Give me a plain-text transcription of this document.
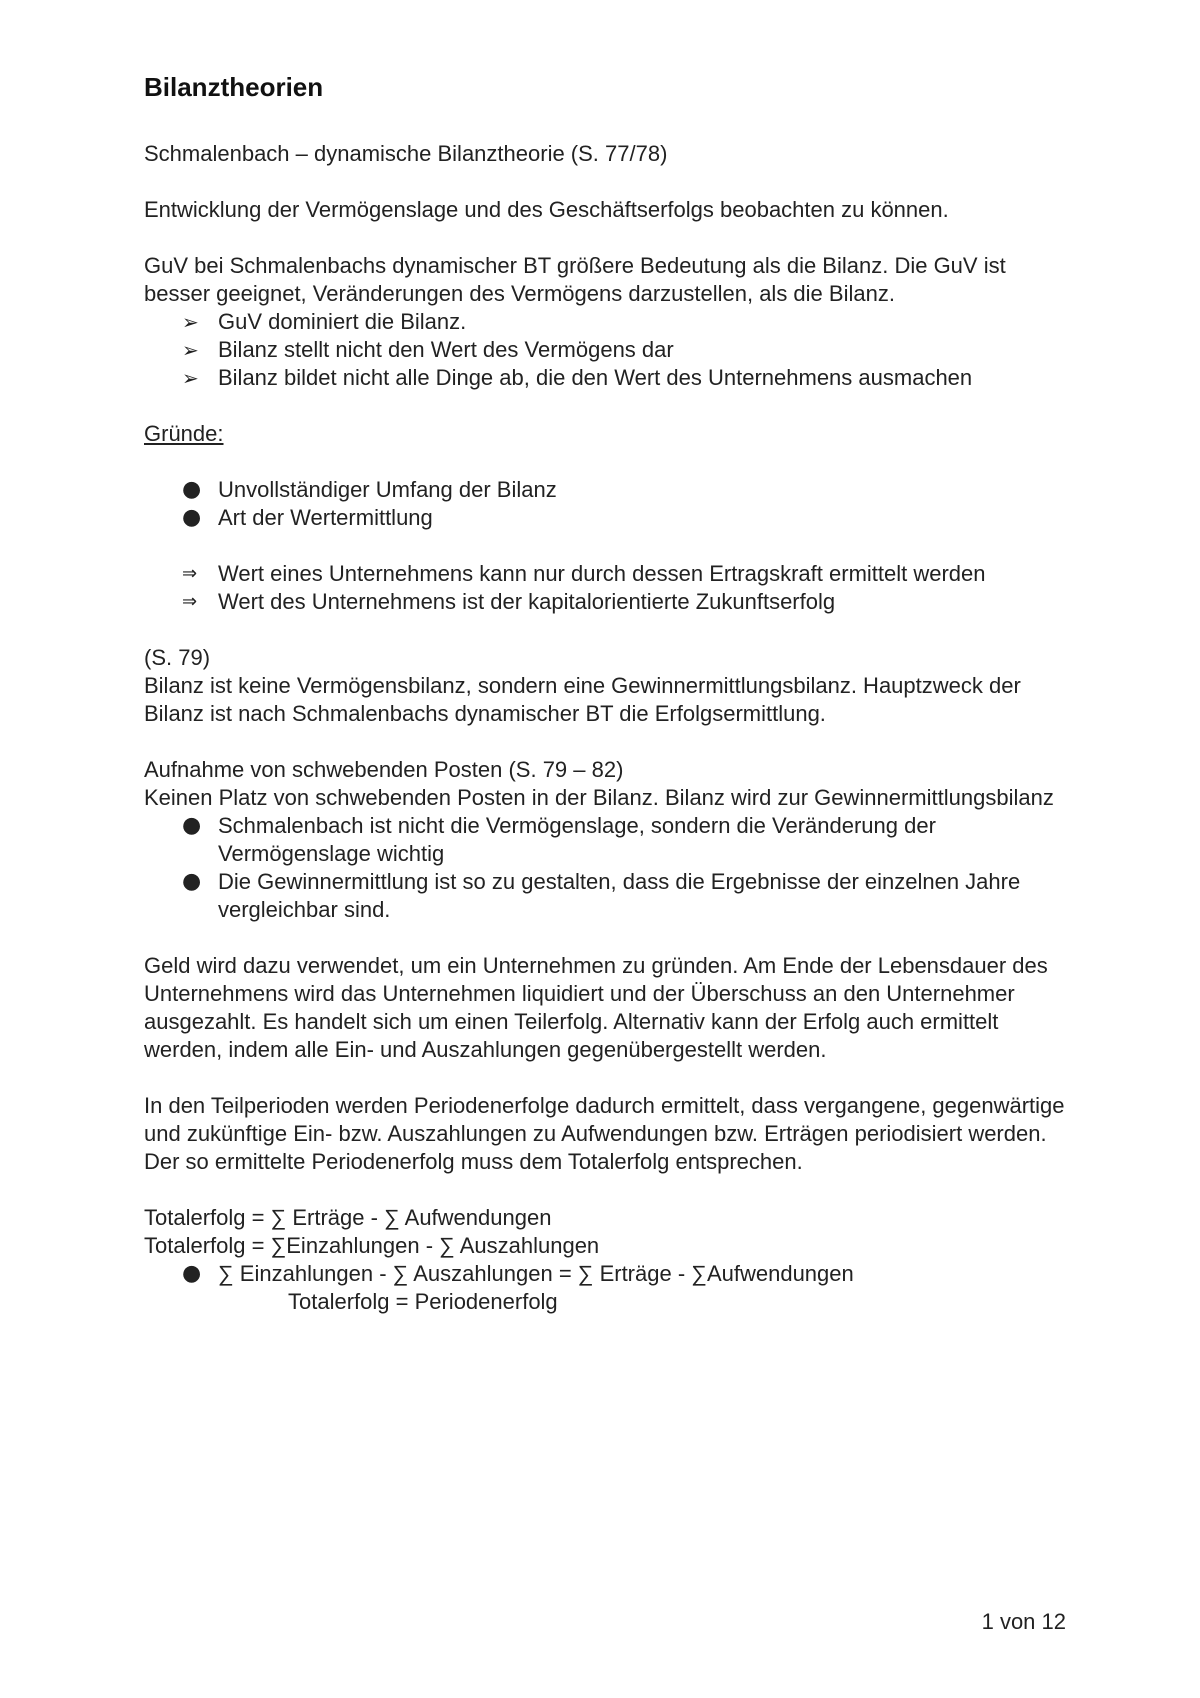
Bilanztheorien

Schmalenbach – dynamische Bilanztheorie (S. 77/78)

Entwicklung der Vermögenslage und des Geschäftserfolgs beobachten zu können.

GuV bei Schmalenbachs dynamischer BT größere Bedeutung als die Bilanz. Die GuV ist besser geeignet, Veränderungen des Vermögens darzustellen, als die Bilanz.

➢ GuV dominiert die Bilanz.
➢ Bilanz stellt nicht den Wert des Vermögens dar
➢ Bilanz bildet nicht alle Dinge ab, die den Wert des Unternehmens ausmachen

Gründe:

● Unvollständiger Umfang der Bilanz
● Art der Wertermittlung
⇒ Wert eines Unternehmens kann nur durch dessen Ertragskraft ermittelt werden
⇒ Wert des Unternehmens ist der kapitalorientierte Zukunftserfolg

(S. 79)

Bilanz ist keine Vermögensbilanz, sondern eine Gewinnermittlungsbilanz. Hauptzweck der Bilanz ist nach Schmalenbachs dynamischer BT die Erfolgsermittlung.

Aufnahme von schwebenden Posten (S. 79 – 82)

Keinen Platz von schwebenden Posten in der Bilanz. Bilanz wird zur Gewinnermittlungsbilanz

● Schmalenbach ist nicht die Vermögenslage, sondern die Veränderung der Vermögenslage wichtig
● Die Gewinnermittlung ist so zu gestalten, dass die Ergebnisse der einzelnen Jahre vergleichbar sind.

Geld wird dazu verwendet, um ein Unternehmen zu gründen. Am Ende der Lebensdauer des Unternehmens wird das Unternehmen liquidiert und der Überschuss an den Unternehmer ausgezahlt. Es handelt sich um einen Teilerfolg. Alternativ kann der Erfolg auch ermittelt werden, indem alle Ein- und Auszahlungen gegenübergestellt werden.

In den Teilperioden werden Periodenerfolge dadurch ermittelt, dass vergangene, gegenwärtige und zukünftige Ein- bzw. Auszahlungen zu Aufwendungen bzw. Erträgen periodisiert werden. Der so ermittelte Periodenerfolg muss dem Totalerfolg entsprechen.

Totalerfolg = ∑ Erträge - ∑ Aufwendungen

Totalerfolg = ∑Einzahlungen - ∑ Auszahlungen

● ∑ Einzahlungen - ∑ Auszahlungen = ∑ Erträge - ∑Aufwendungen

Totalerfolg = Periodenerfolg

1 von 12
